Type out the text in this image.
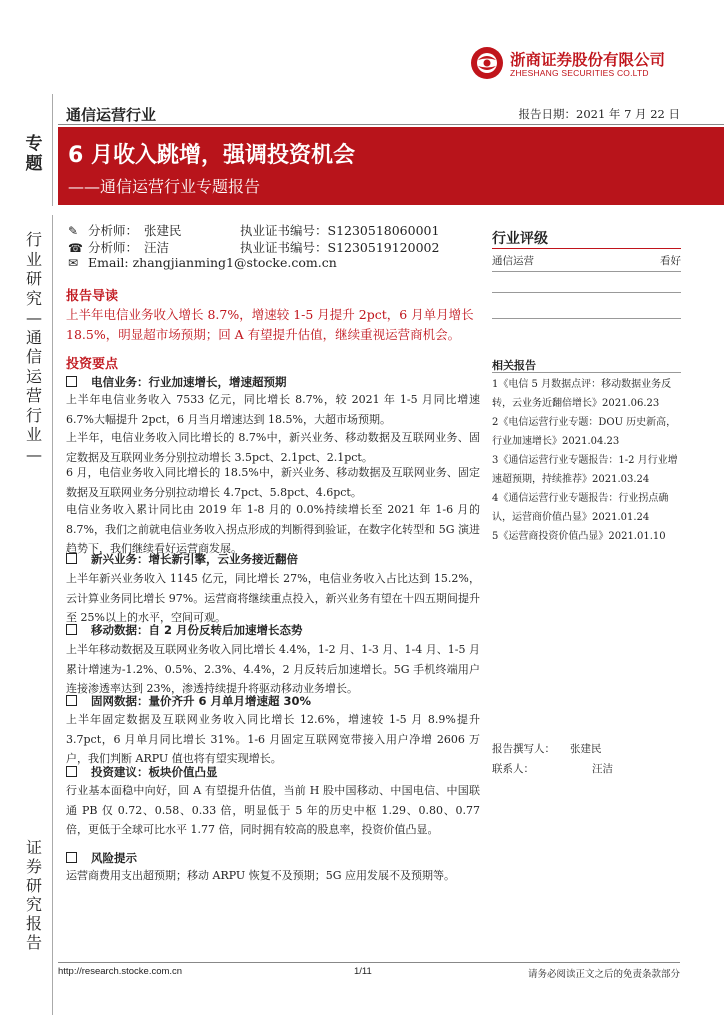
浙商证券股份有限公司
ZHESHANG SECURITIES CO.LTD
通信运营行业	报告日期：2021 年 7 月 22 日
6 月收入跳增，强调投资机会
——通信运营行业专题报告
专题
行业研究—通信运营行业—
证券研究报告
✎ 分析师： 张建民	执业证书编号：S1230518060001
☎ 分析师： 汪洁	执业证书编号：S1230519120002
✉ Email: zhangjianming1@stocke.com.cn
行业评级
通信运营	看好
相关报告
1《电信 5 月数据点评：移动数据业务反转，云业务近翻倍增长》2021.06.23
2《电信运营行业专题：DOU 历史新高，行业加速增长》2021.04.23
3《通信运营行业专题报告：1-2 月行业增速超预期，持续推荐》2021.03.24
4《通信运营行业专题报告：行业拐点确认，运营商价值凸显》2021.01.24
5《运营商投资价值凸显》2021.01.10
报告撰写人： 张建民
联系人：	汪洁
报告导读
上半年电信业务收入增长 8.7%，增速较 1-5 月提升 2pct，6 月单月增长 18.5%，明显超市场预期；回 A 有望提升估值，继续重视运营商机会。
投资要点
电信业务：行业加速增长，增速超预期
上半年电信业务收入 7533 亿元，同比增长 8.7%，较 2021 年 1-5 月同比增速 6.7%大幅提升 2pct，6 月当月增速达到 18.5%，大超市场预期。
上半年，电信业务收入同比增长的 8.7%中，新兴业务、移动数据及互联网业务、固定数据及互联网业务分别拉动增长 3.5pct、2.1pct、2.1pct。
6 月，电信业务收入同比增长的 18.5%中，新兴业务、移动数据及互联网业务、固定数据及互联网业务分别拉动增长 4.7pct、5.8pct、4.6pct。
电信业务收入累计同比由 2019 年 1-8 月的 0.0%持续增长至 2021 年 1-6 月的 8.7%，我们之前就电信业务收入拐点形成的判断得到验证，在数字化转型和 5G 演进趋势下，我们继续看好运营商发展。
新兴业务：增长新引擎，云业务接近翻倍
上半年新兴业务收入 1145 亿元，同比增长 27%，电信业务收入占比达到 15.2%，云计算业务同比增长 97%。运营商将继续重点投入，新兴业务有望在十四五期间提升至 25%以上的水平，空间可观。
移动数据：自 2 月份反转后加速增长态势
上半年移动数据及互联网业务收入同比增长 4.4%，1-2 月、1-3 月、1-4 月、1-5 月累计增速为-1.2%、0.5%、2.3%、4.4%，2 月反转后加速增长。5G 手机终端用户连接渗透率达到 23%，渗透持续提升将驱动移动业务增长。
固网数据：量价齐升 6 月单月增速超 30%
上半年固定数据及互联网业务收入同比增长 12.6%，增速较 1-5 月 8.9%提升 3.7pct，6 月单月同比增长 31%。1-6 月固定互联网宽带接入用户净增 2606 万户，我们判断 ARPU 值也将有望实现增长。
投资建议：板块价值凸显
行业基本面稳中向好，回 A 有望提升估值，当前 H 股中国移动、中国电信、中国联通 PB 仅 0.72、0.58、0.33 倍，明显低于 5 年的历史中枢 1.29、0.80、0.77 倍，更低于全球可比水平 1.77 倍，同时拥有较高的股息率，投资价值凸显。
风险提示
运营商费用支出超预期；移动 ARPU 恢复不及预期；5G 应用发展不及预期等。
http://research.stocke.com.cn	1/11	请务必阅读正文之后的免责条款部分
